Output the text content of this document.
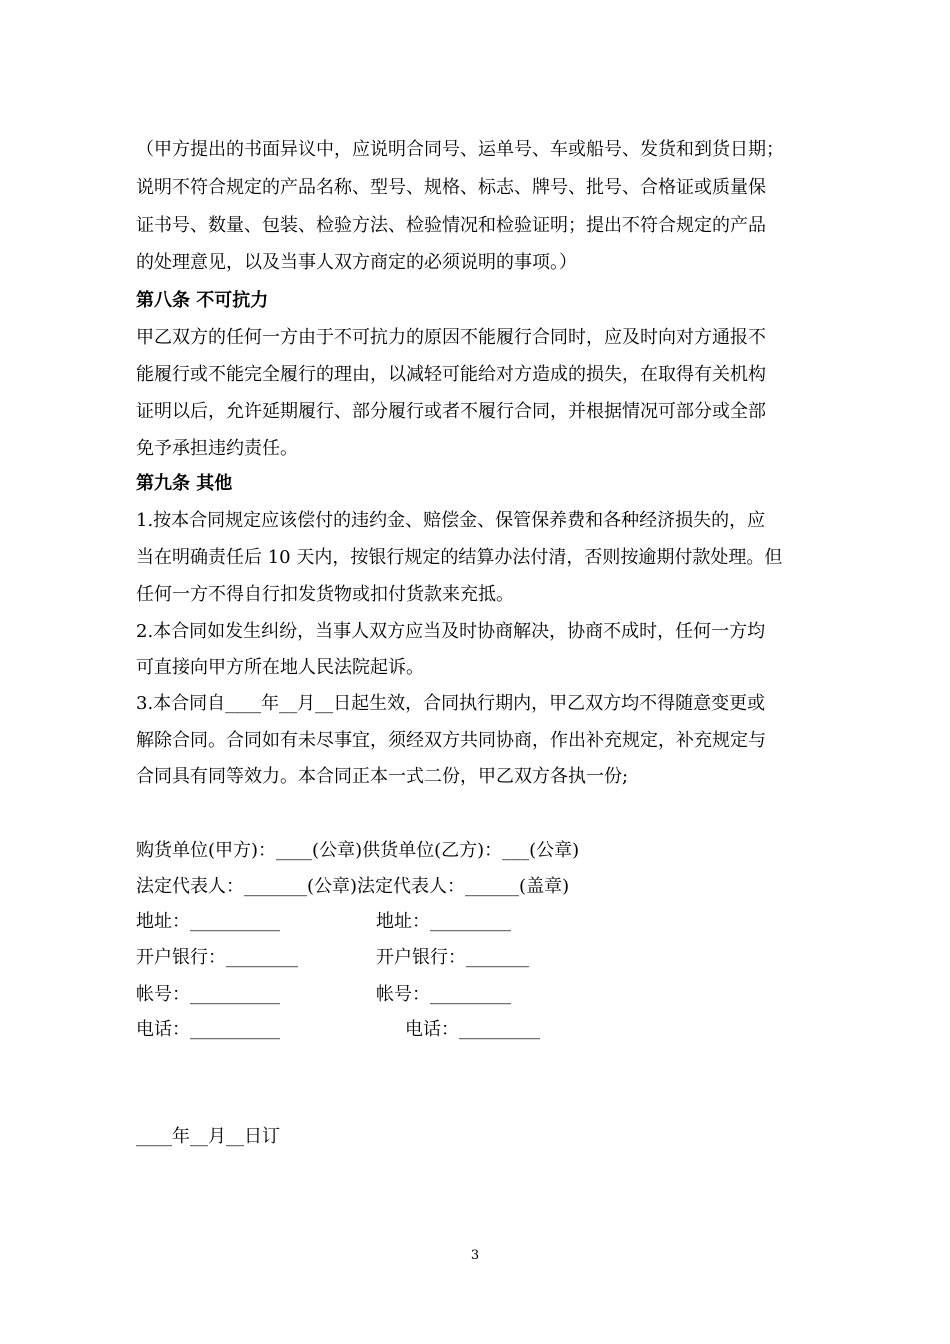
（甲方提出的书面异议中，应说明合同号、运单号、车或船号、发货和到货日期；
说明不符合规定的产品名称、型号、规格、标志、牌号、批号、合格证或质量保
证书号、数量、包装、检验方法、检验情况和检验证明；提出不符合规定的产品
的处理意见，以及当事人双方商定的必须说明的事项。）
第八条 不可抗力
甲乙双方的任何一方由于不可抗力的原因不能履行合同时，应及时向对方通报不
能履行或不能完全履行的理由，以减轻可能给对方造成的损失，在取得有关机构
证明以后，允许延期履行、部分履行或者不履行合同，并根据情况可部分或全部
免予承担违约责任。
第九条 其他
1.按本合同规定应该偿付的违约金、赔偿金、保管保养费和各种经济损失的，应
当在明确责任后 10 天内，按银行规定的结算办法付清，否则按逾期付款处理。但
任何一方不得自行扣发货物或扣付货款来充抵。
2.本合同如发生纠纷，当事人双方应当及时协商解决，协商不成时，任何一方均
可直接向甲方所在地人民法院起诉。
3.本合同自____年__月__日起生效，合同执行期内，甲乙双方均不得随意变更或
解除合同。合同如有未尽事宜，须经双方共同协商，作出补充规定，补充规定与
合同具有同等效力。本合同正本一式二份，甲乙双方各执一份;
购货单位(甲方)：____(公章)供货单位(乙方)：___(公章)
法定代表人：_______(公章)法定代表人：______(盖章)
地址：__________	地址：_________
开户银行：________	开户银行：_______
帐号：__________	帐号：_________
电话：__________	电话：_________
____年__月__日订
3
